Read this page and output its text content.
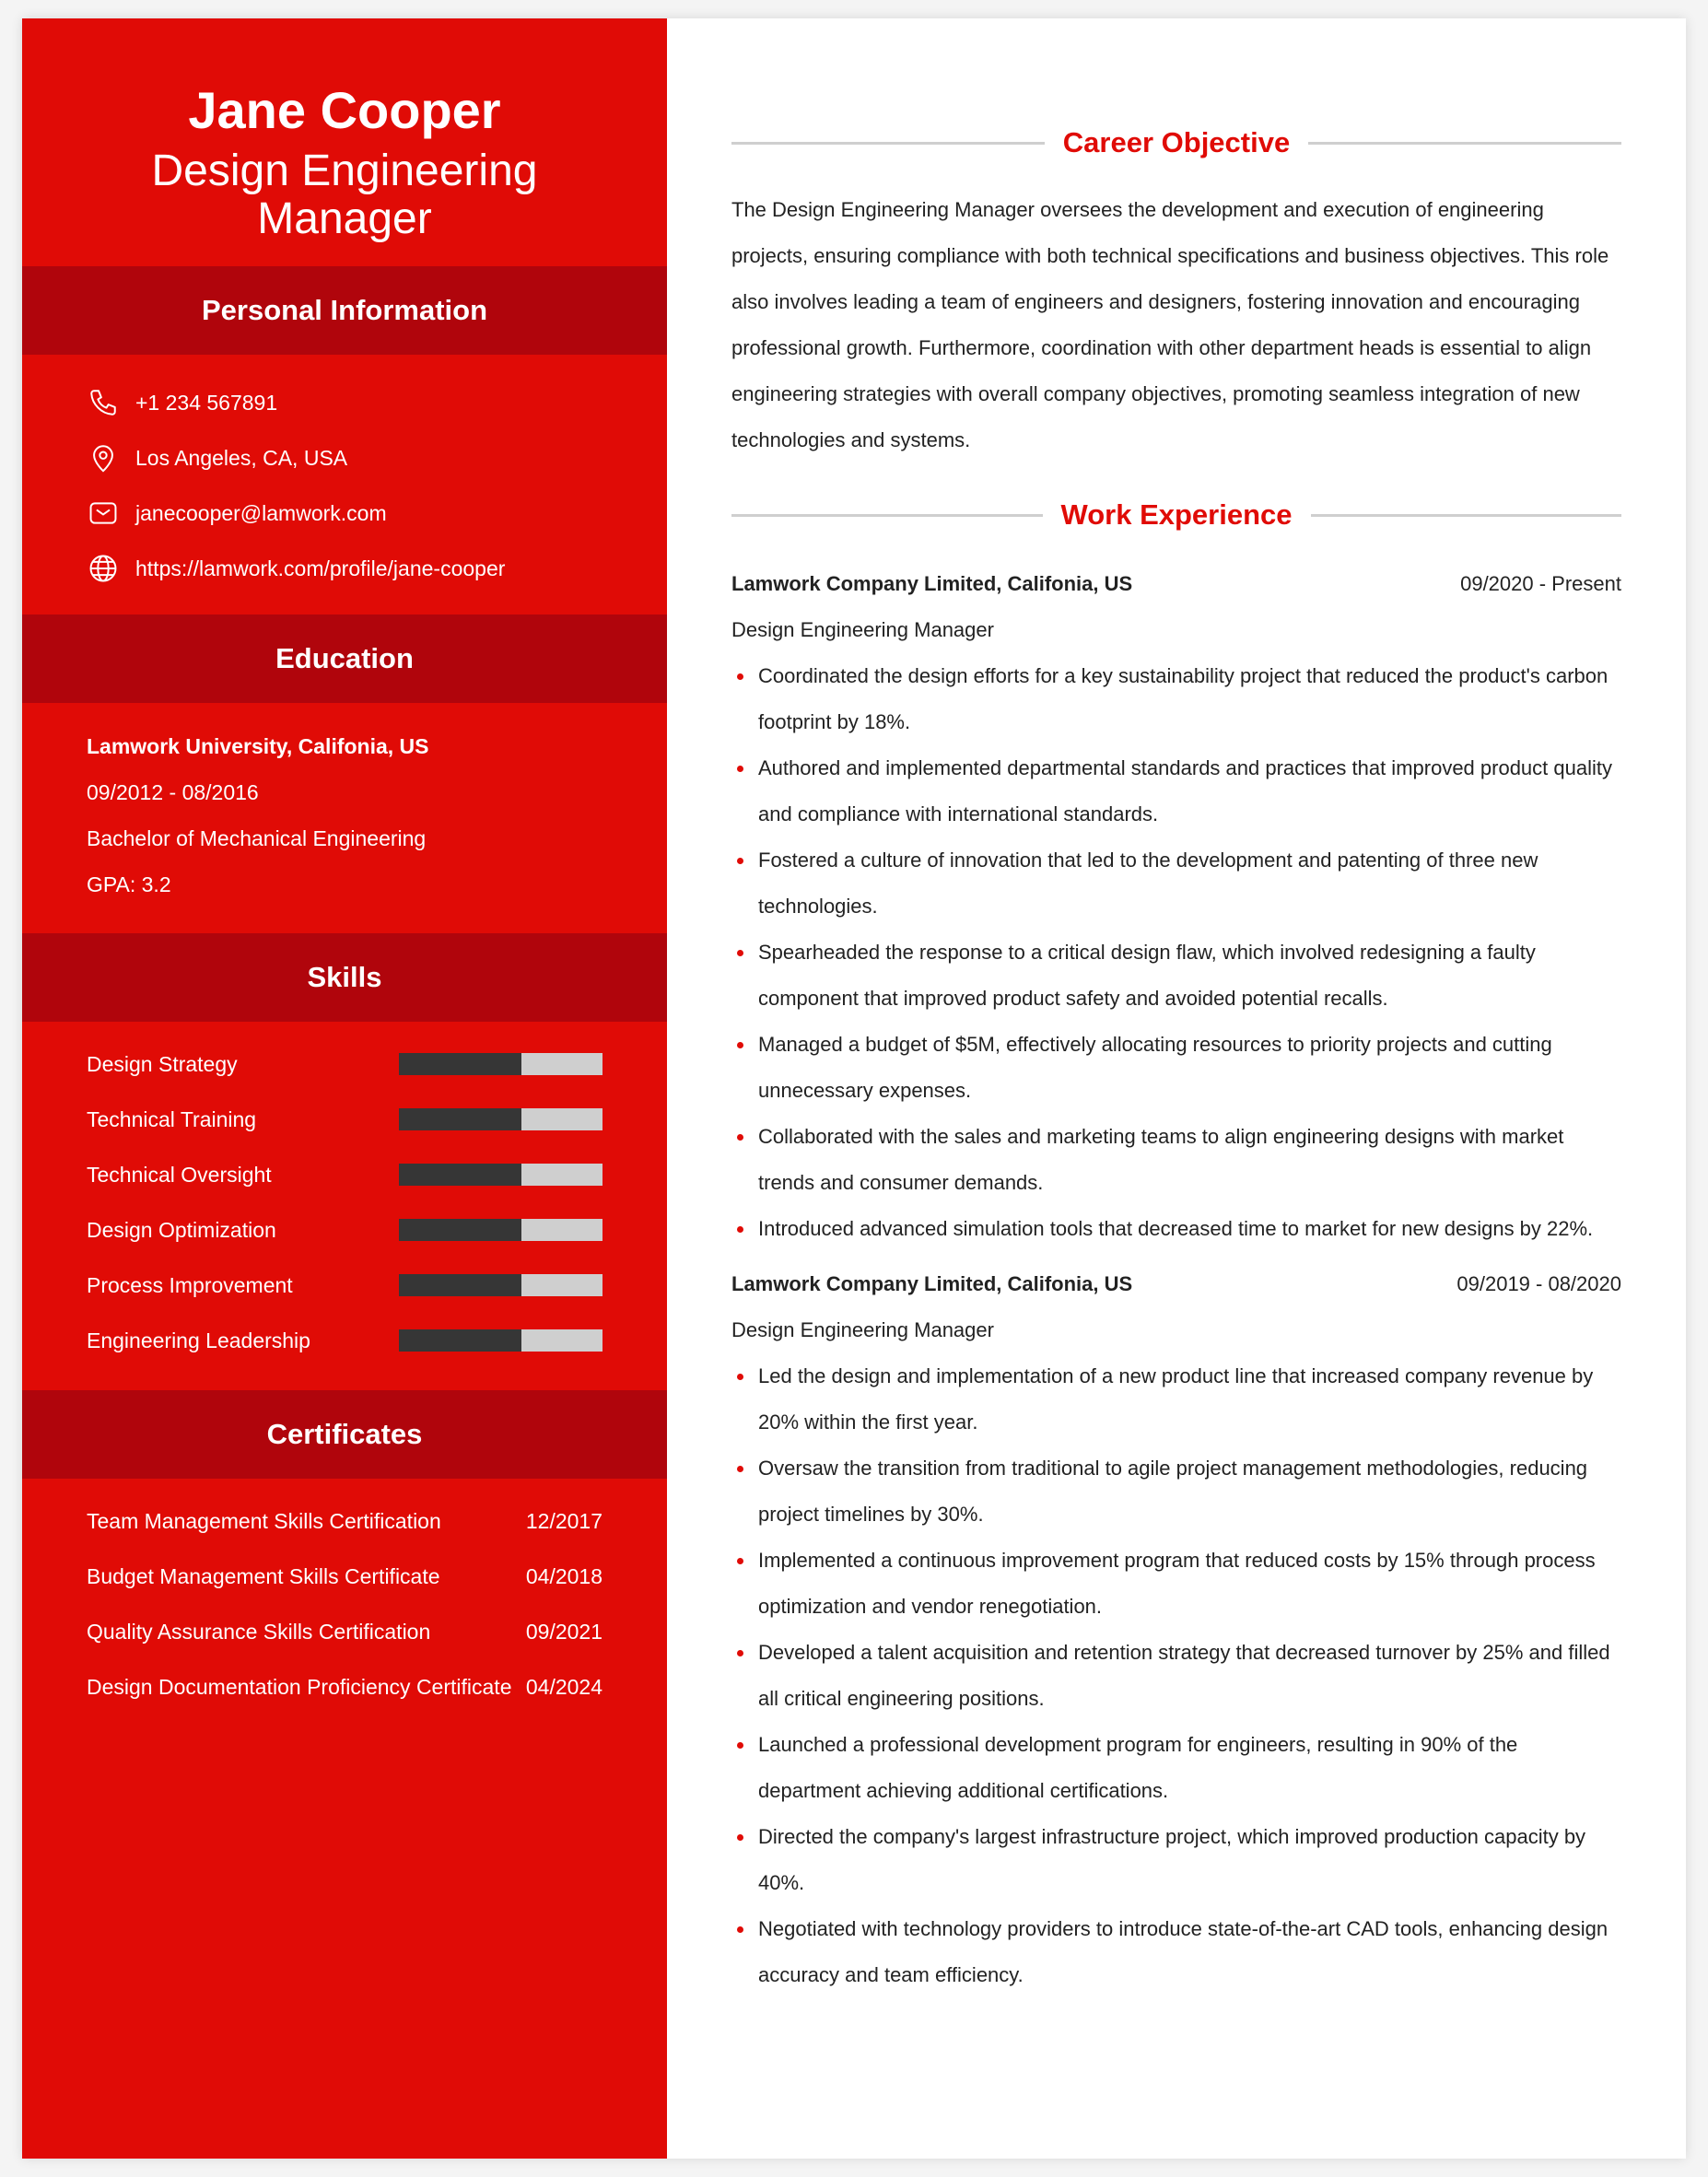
Jane Cooper
Design Engineering Manager
Personal Information
+1 234 567891
Los Angeles, CA, USA
janecooper@lamwork.com
https://lamwork.com/profile/jane-cooper
Education
Lamwork University, Califonia, US
09/2012 - 08/2016
Bachelor of Mechanical Engineering
GPA: 3.2
Skills
Design Strategy
Technical Training
Technical Oversight
Design Optimization
Process Improvement
Engineering Leadership
Certificates
Team Management Skills Certification	12/2017
Budget Management Skills Certificate	04/2018
Quality Assurance Skills Certification	09/2021
Design Documentation Proficiency Certificate 04/2024
Career Objective

The Design Engineering Manager oversees the development and execution of engineering projects, ensuring compliance with both technical specifications and business objectives. This role also involves leading a team of engineers and designers, fostering innovation and encouraging professional growth. Furthermore, coordination with other department heads is essential to align engineering strategies with overall company objectives, promoting seamless integration of new technologies and systems.

Work Experience
Lamwork Company Limited, Califonia, US	09/2020 - Present
Design Engineering Manager
Coordinated the design efforts for a key sustainability project that reduced the product's carbon footprint by 18%.
Authored and implemented departmental standards and practices that improved product quality and compliance with international standards.
Fostered a culture of innovation that led to the development and patenting of three new technologies.
Spearheaded the response to a critical design flaw, which involved redesigning a faulty component that improved product safety and avoided potential recalls.
Managed a budget of $5M, effectively allocating resources to priority projects and cutting unnecessary expenses.
Collaborated with the sales and marketing teams to align engineering designs with market trends and consumer demands.
Introduced advanced simulation tools that decreased time to market for new designs by 22%.
Lamwork Company Limited, Califonia, US	09/2019 - 08/2020
Design Engineering Manager
Led the design and implementation of a new product line that increased company revenue by 20% within the first year.
Oversaw the transition from traditional to agile project management methodologies, reducing project timelines by 30%.
Implemented a continuous improvement program that reduced costs by 15% through process optimization and vendor renegotiation.
Developed a talent acquisition and retention strategy that decreased turnover by 25% and filled all critical engineering positions.
Launched a professional development program for engineers, resulting in 90% of the department achieving additional certifications.
Directed the company's largest infrastructure project, which improved production capacity by 40%.
Negotiated with technology providers to introduce state-of-the-art CAD tools, enhancing design accuracy and team efficiency.
